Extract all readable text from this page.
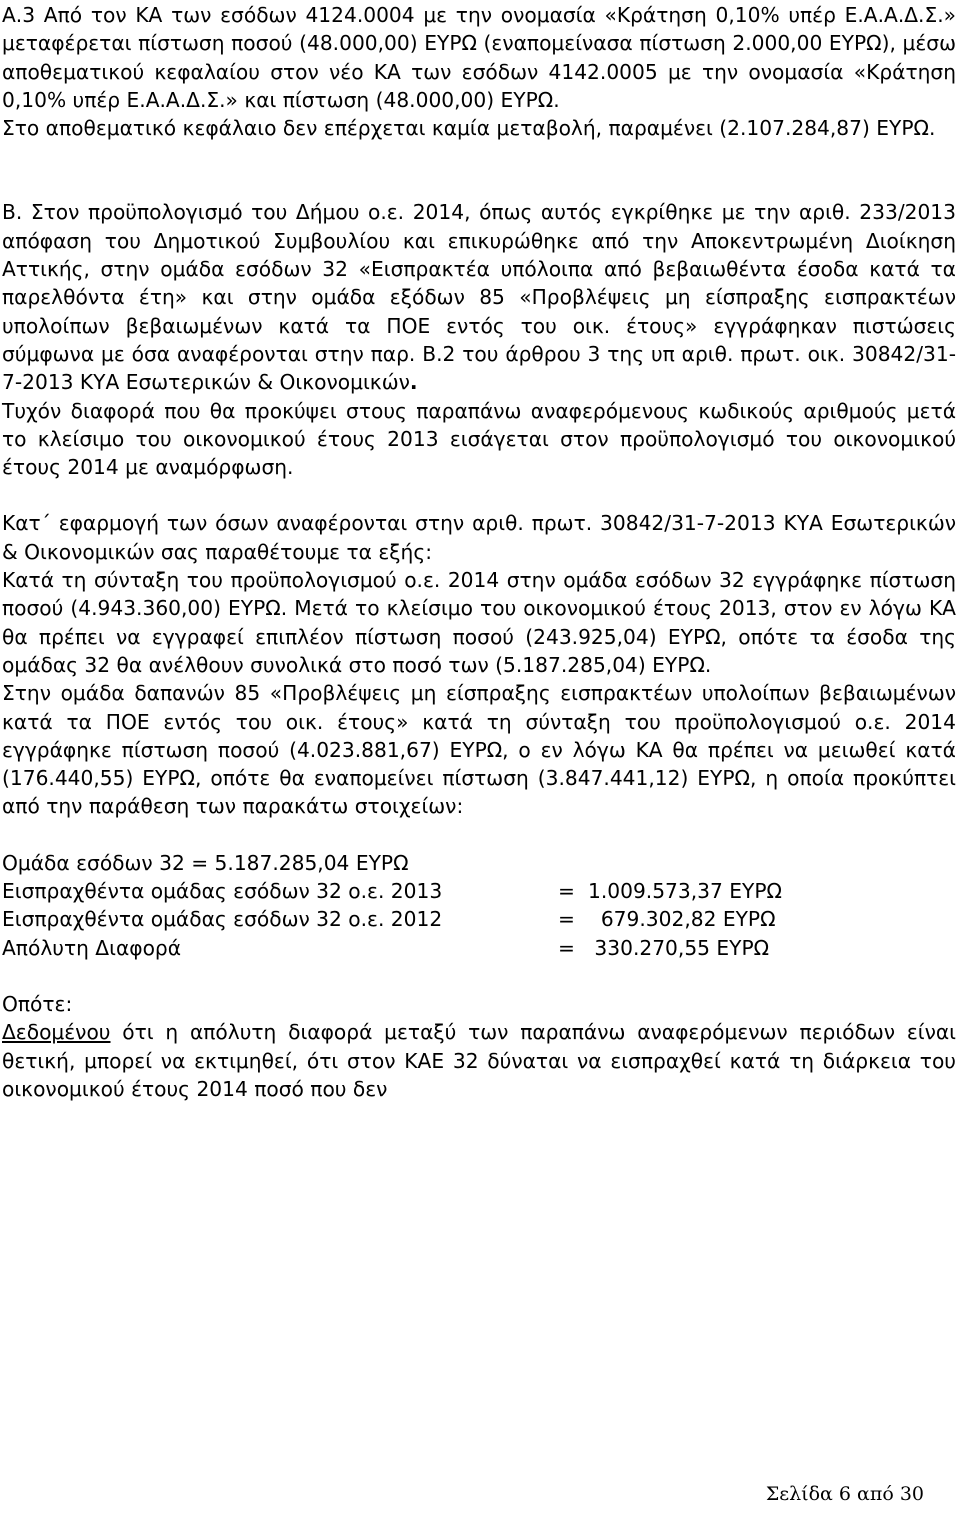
Α.3 Από τον ΚΑ των εσόδων 4124.0004 με την ονομασία «Κράτηση 0,10% υπέρ Ε.Α.Α.Δ.Σ.» μεταφέρεται πίστωση ποσού (48.000,00) ΕΥΡΩ (εναπομείνασα πίστωση 2.000,00 ΕΥΡΩ), μέσω αποθεματικού κεφαλαίου στον νέο ΚΑ των εσόδων 4142.0005 με την ονομασία «Κράτηση 0,10% υπέρ Ε.Α.Α.Δ.Σ.» και πίστωση (48.000,00) ΕΥΡΩ.

Στο αποθεματικό κεφάλαιο δεν επέρχεται καμία μεταβολή, παραμένει (2.107.284,87) ΕΥΡΩ.

Β. Στον προϋπολογισμό του Δήμου ο.ε. 2014, όπως αυτός εγκρίθηκε με την αριθ. 233/2013 απόφαση του Δημοτικού Συμβουλίου και επικυρώθηκε από την Αποκεντρωμένη Διοίκηση Αττικής, στην ομάδα εσόδων 32 «Εισπρακτέα υπόλοιπα από βεβαιωθέντα έσοδα κατά τα παρελθόντα έτη» και στην ομάδα εξόδων 85 «Προβλέψεις μη είσπραξης εισπρακτέων υπολοίπων βεβαιωμένων κατά τα ΠΟΕ εντός του οικ. έτους» εγγράφηκαν πιστώσεις σύμφωνα με όσα αναφέρονται στην παρ. Β.2 του άρθρου 3 της υπ αριθ. πρωτ. οικ. 30842/31-7-2013 ΚΥΑ Εσωτερικών & Οικονομικών.

Τυχόν διαφορά που θα προκύψει στους παραπάνω αναφερόμενους κωδικούς αριθμούς μετά το κλείσιμο του οικονομικού έτους 2013 εισάγεται στον προϋπολογισμό του οικονομικού έτους 2014 με αναμόρφωση.

Κατ΄ εφαρμογή των όσων αναφέρονται στην αριθ. πρωτ. 30842/31-7-2013 ΚΥΑ Εσωτερικών & Οικονομικών σας παραθέτουμε τα εξής:

Κατά τη σύνταξη του προϋπολογισμού ο.ε. 2014 στην ομάδα εσόδων 32 εγγράφηκε πίστωση ποσού (4.943.360,00) ΕΥΡΩ. Μετά το κλείσιμο του οικονομικού έτους 2013, στον εν λόγω ΚΑ θα πρέπει να εγγραφεί επιπλέον πίστωση ποσού (243.925,04) ΕΥΡΩ, οπότε τα έσοδα της ομάδας 32 θα ανέλθουν συνολικά στο ποσό των (5.187.285,04) ΕΥΡΩ.

Στην ομάδα δαπανών 85 «Προβλέψεις μη είσπραξης εισπρακτέων υπολοίπων βεβαιωμένων κατά τα ΠΟΕ εντός του οικ. έτους» κατά τη σύνταξη του προϋπολογισμού ο.ε. 2014 εγγράφηκε πίστωση ποσού (4.023.881,67) ΕΥΡΩ, ο εν λόγω ΚΑ θα πρέπει να μειωθεί κατά (176.440,55) ΕΥΡΩ, οπότε θα εναπομείνει πίστωση (3.847.441,12) ΕΥΡΩ, η οποία προκύπτει από την παράθεση των παρακάτω στοιχείων:

Ομάδα εσόδων 32 = 5.187.285,04 ΕΥΡΩ
Εισπραχθέντα ομάδας εσόδων 32 ο.ε. 2013	= 1.009.573,37 ΕΥΡΩ
Εισπραχθέντα ομάδας εσόδων 32 ο.ε. 2012	= 679.302,82 ΕΥΡΩ
Απόλυτη Διαφορά	= 330.270,55 ΕΥΡΩ

Οπότε:

Δεδομένου ότι η απόλυτη διαφορά μεταξύ των παραπάνω αναφερόμενων περιόδων είναι θετική, μπορεί να εκτιμηθεί, ότι στον ΚΑΕ 32 δύναται να εισπραχθεί κατά τη διάρκεια του οικονομικού έτους 2014 ποσό που δεν

Σελίδα 6 από 30
